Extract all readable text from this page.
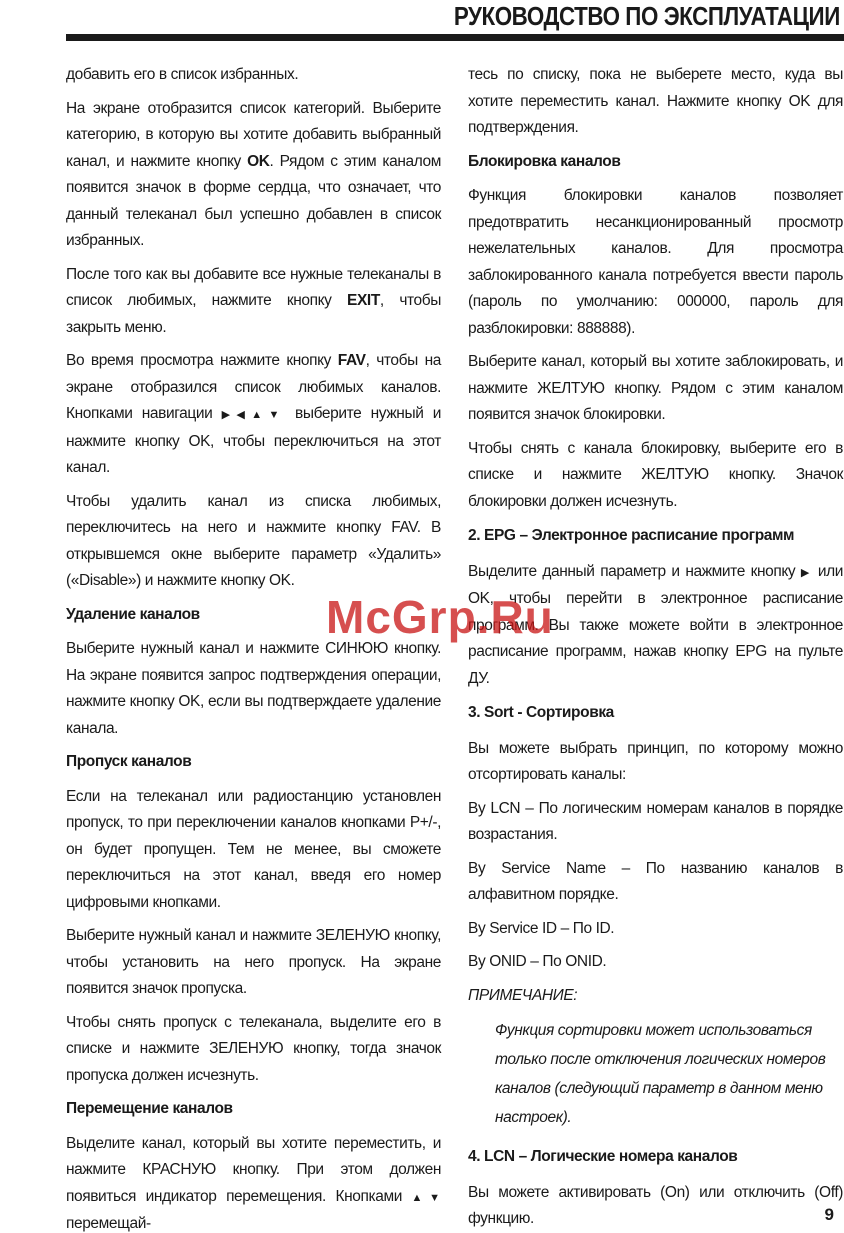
РУКОВОДСТВО ПО ЭКСПЛУАТАЦИИ
добавить его в список избранных.
На экране отобразится список категорий. Выберите категорию, в которую вы хотите добавить выбранный канал, и нажмите кнопку OK. Рядом с этим каналом появится значок в форме сердца, что означает, что данный телеканал был успешно добавлен в список избранных.
После того как вы добавите все нужные телеканалы в список любимых, нажмите кнопку EXIT, чтобы закрыть меню.
Во время просмотра нажмите кнопку FAV, чтобы на экране отобразился список любимых каналов. Кнопками навигации ▶◀▲▼ выберите нужный и нажмите кнопку OK, чтобы переключиться на этот канал.
Чтобы удалить канал из списка любимых, переключитесь на него и нажмите кнопку FAV. В открывшемся окне выберите параметр «Удалить» («Disable») и нажмите кнопку OK.
Удаление каналов
Выберите нужный канал и нажмите СИНЮЮ кнопку. На экране появится запрос подтверждения операции, нажмите кнопку OK, если вы подтверждаете удаление канала.
Пропуск каналов
Если на телеканал или радиостанцию установлен пропуск, то при переключении каналов кнопками P+/-, он будет пропущен. Тем не менее, вы сможете переключиться на этот канал, введя его номер цифровыми кнопками.
Выберите нужный канал и нажмите ЗЕЛЕНУЮ кнопку, чтобы установить на него пропуск. На экране появится значок пропуска.
Чтобы снять пропуск с телеканала, выделите его в списке и нажмите ЗЕЛЕНУЮ кнопку, тогда значок пропуска должен исчезнуть.
Перемещение каналов
Выделите канал, который вы хотите переместить, и нажмите КРАСНУЮ кнопку. При этом должен появиться индикатор перемещения. Кнопками ▲▼ перемещай-
тесь по списку, пока не выберете место, куда вы хотите переместить канал. Нажмите кнопку OK для подтверждения.
Блокировка каналов
Функция блокировки каналов позволяет предотвратить несанкционированный просмотр нежелательных каналов. Для просмотра заблокированного канала потребуется ввести пароль (пароль по умолчанию: 000000, пароль для разблокировки: 888888).
Выберите канал, который вы хотите заблокировать, и нажмите ЖЕЛТУЮ кнопку. Рядом с этим каналом появится значок блокировки.
Чтобы снять с канала блокировку, выберите его в списке и нажмите ЖЕЛТУЮ кнопку. Значок блокировки должен исчезнуть.
2. EPG – Электронное расписание программ
Выделите данный параметр и нажмите кнопку ▶ или OK, чтобы перейти в электронное расписание программ. Вы также можете войти в электронное расписание программ, нажав кнопку EPG на пульте ДУ.
3. Sort - Сортировка
Вы можете выбрать принцип, по которому можно отсортировать каналы:
By LCN – По логическим номерам каналов в порядке возрастания.
By Service Name – По названию каналов в алфавитном порядке.
By Service ID – По ID.
By ONID – По ONID.
ПРИМЕЧАНИЕ:
Функция сортировки может использоваться только после отключения логических номеров каналов (следующий параметр в данном меню настроек).
4. LCN – Логические номера каналов
Вы можете активировать (On) или отключить (Off) функцию.
McGrp.Ru
9
